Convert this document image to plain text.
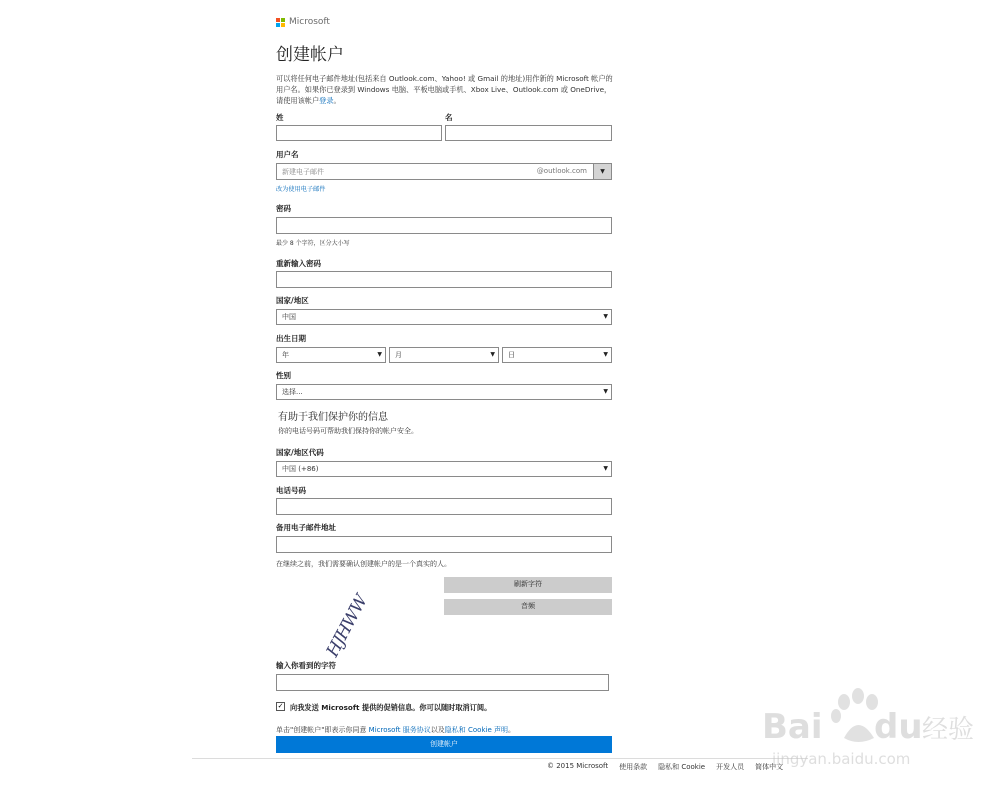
Microsoft
创建帐户

可以将任何电子邮件地址(包括来自 Outlook.com、Yahoo! 或 Gmail 的地址)用作新的 Microsoft 帐户的用户名。如果你已登录到 Windows 电脑、平板电脑或手机、Xbox Live、Outlook.com 或 OneDrive，请使用该帐户登录。

姓	名
用户名
新建电子邮件	@outlook.com	▼
改为使用电子邮件
密码
最少 8 个字符，区分大小写
重新输入密码
国家/地区
中国	▼
出生日期
年	▼	月	▼	日	▼
性别
选择...	▼
有助于我们保护你的信息
你的电话号码可帮助我们保持你的帐户安全。
国家/地区代码
中国 (+86)	▼
电话号码
备用电子邮件地址
在继续之前，我们需要确认创建帐户的是一个真实的人。
HJHWW
刷新字符
音频
输入你看到的字符
✓ 向我发送 Microsoft 提供的促销信息。你可以随时取消订阅。
单击"创建帐户"即表示你同意 Microsoft 服务协议以及隐私和 Cookie 声明。
创建帐户
© 2015 Microsoft 使用条款 隐私和 Cookie 开发人员 简体中文
Bai du 经验
jingyan.baidu.com
